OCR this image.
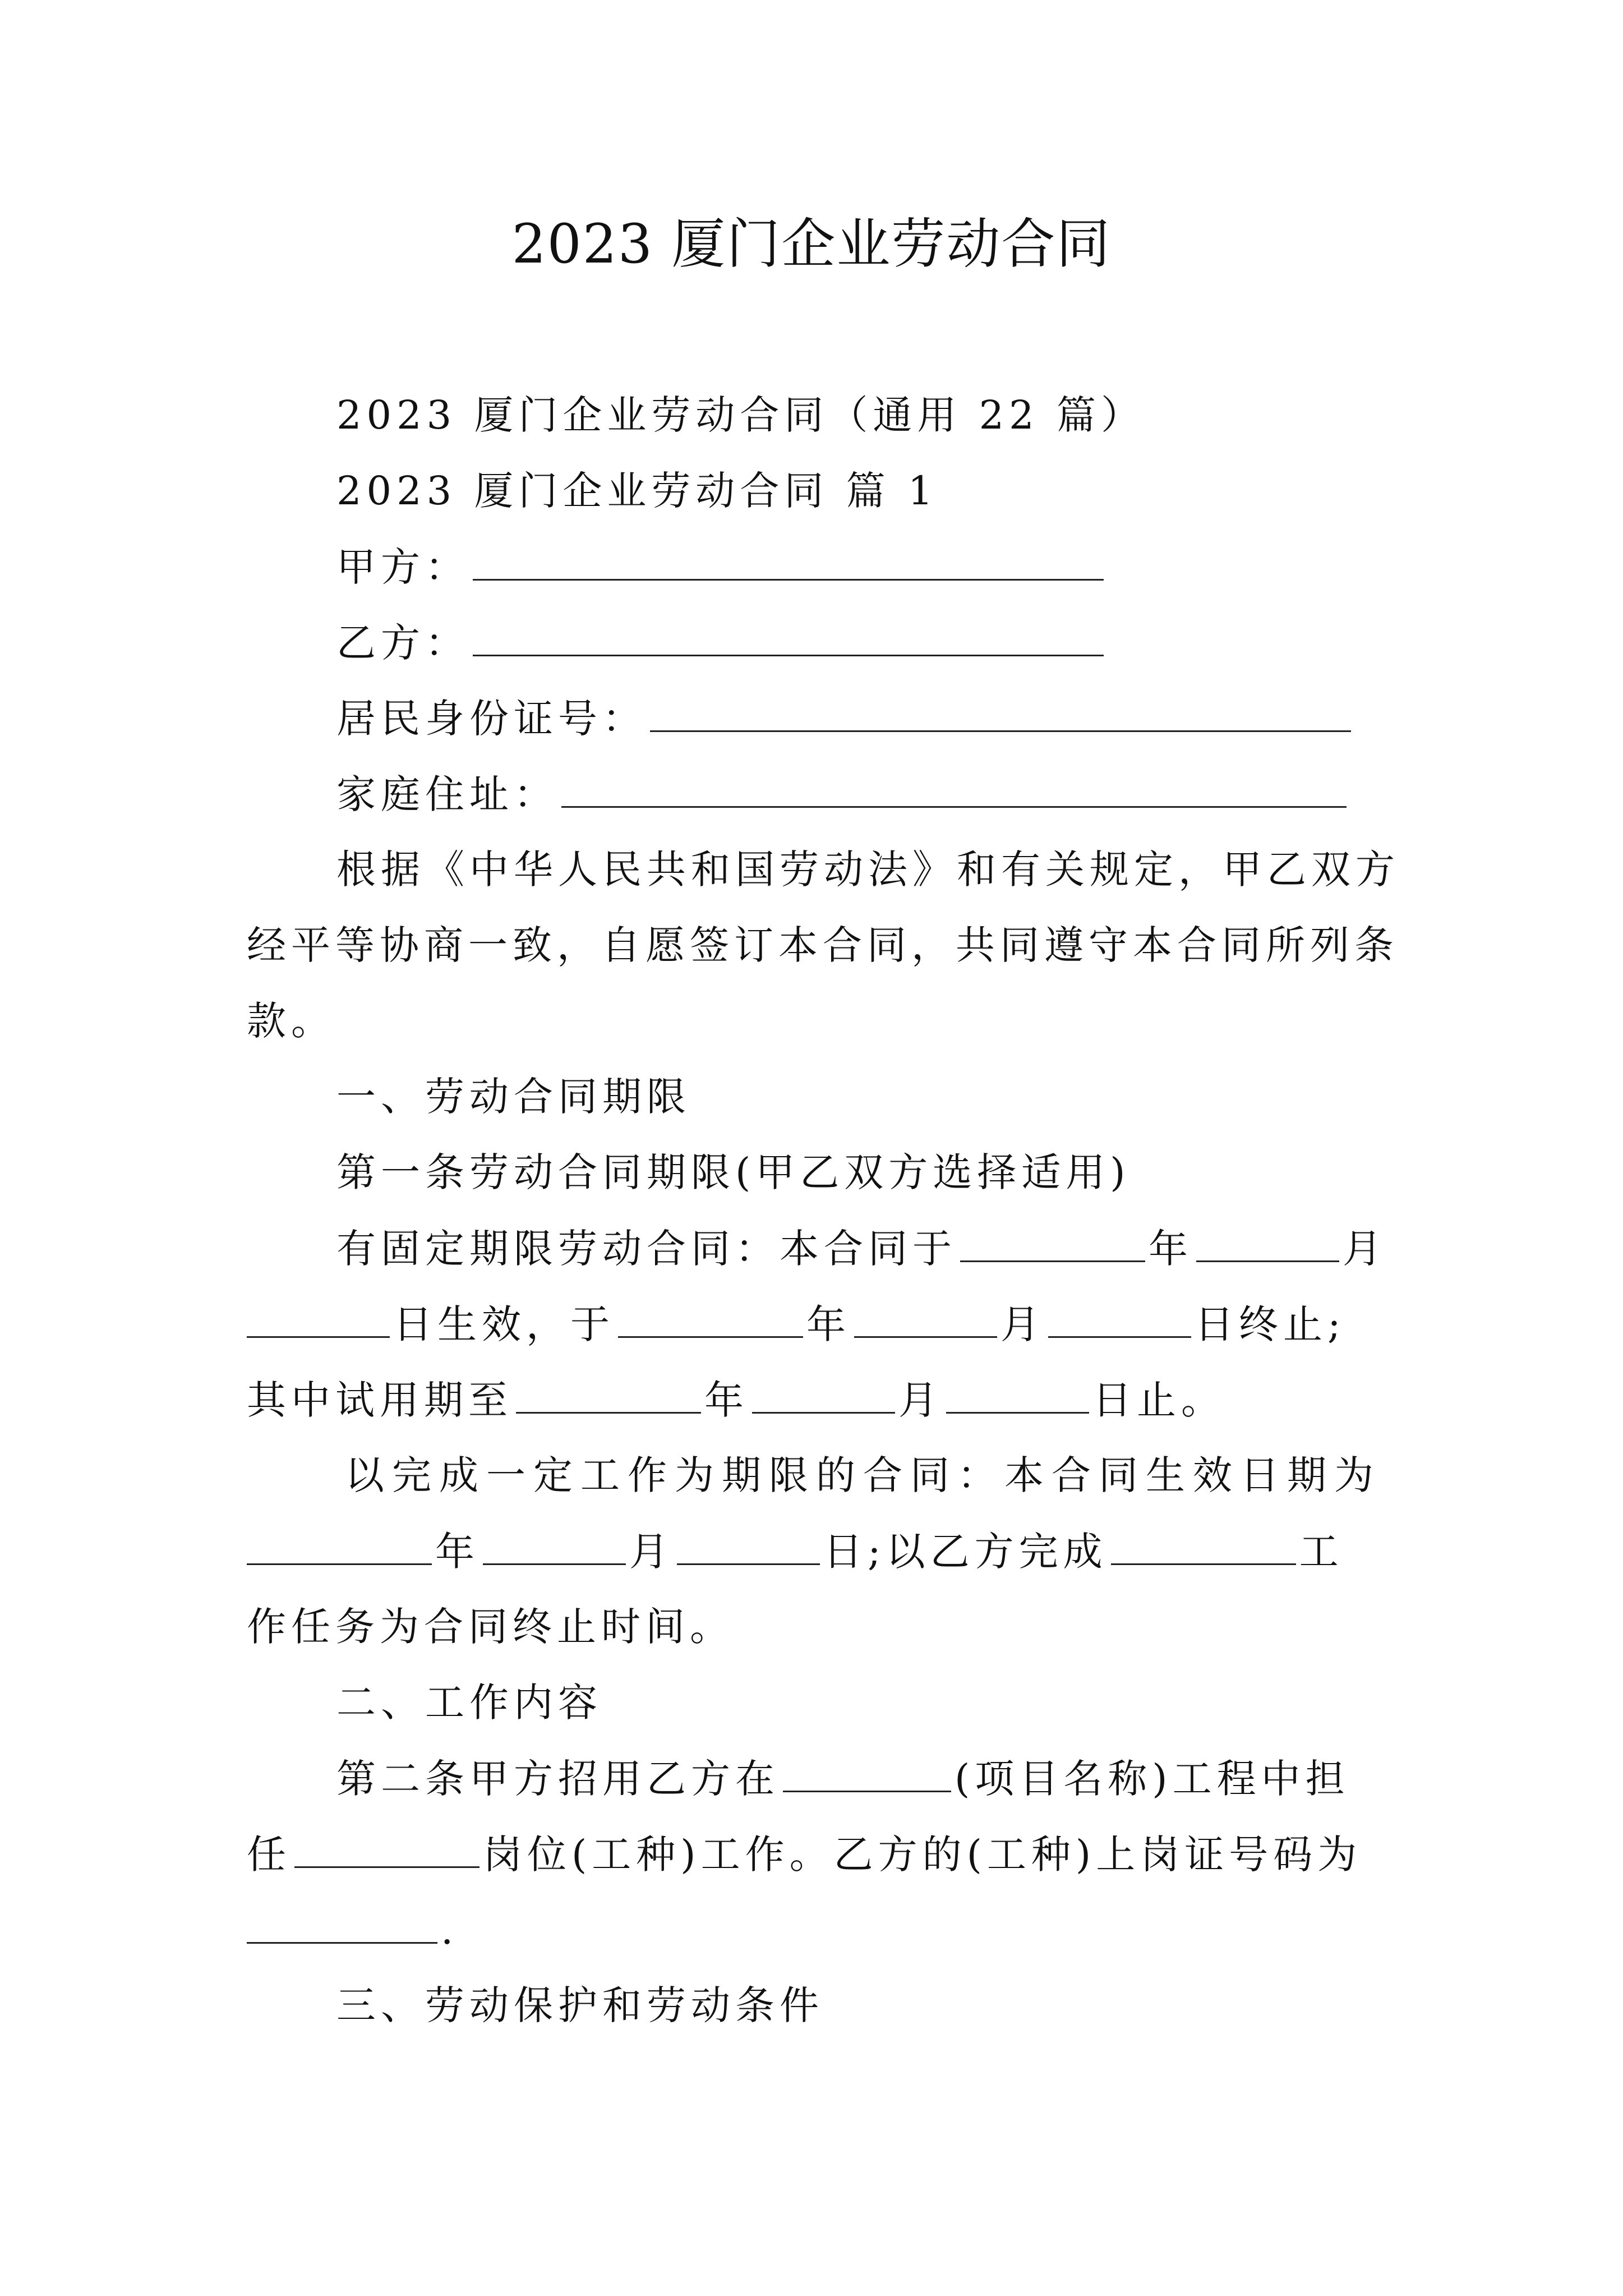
2023 厦门企业劳动合同
2023 厦门企业劳动合同（通用 22 篇）
2023 厦门企业劳动合同 篇 1
甲方：
乙方：
居民身份证号：
家庭住址：
根据《中华人民共和国劳动法》和有关规定，甲乙双方
经平等协商一致，自愿签订本合同，共同遵守本合同所列条
款。
一、劳动合同期限
第一条劳动合同期限(甲乙双方选择适用)
有固定期限劳动合同：本合同于	年	月
日生效，于	年	月	日终止;
其中试用期至	年	月	日止。
以完成一定工作为期限的合同：本合同生效日期为
年	月	日;以乙方完成	工
作任务为合同终止时间。
二、工作内容
第二条甲方招用乙方在	(项目名称)工程中担
任	岗位(工种)工作。乙方的(工种)上岗证号码为
.
三、劳动保护和劳动条件
